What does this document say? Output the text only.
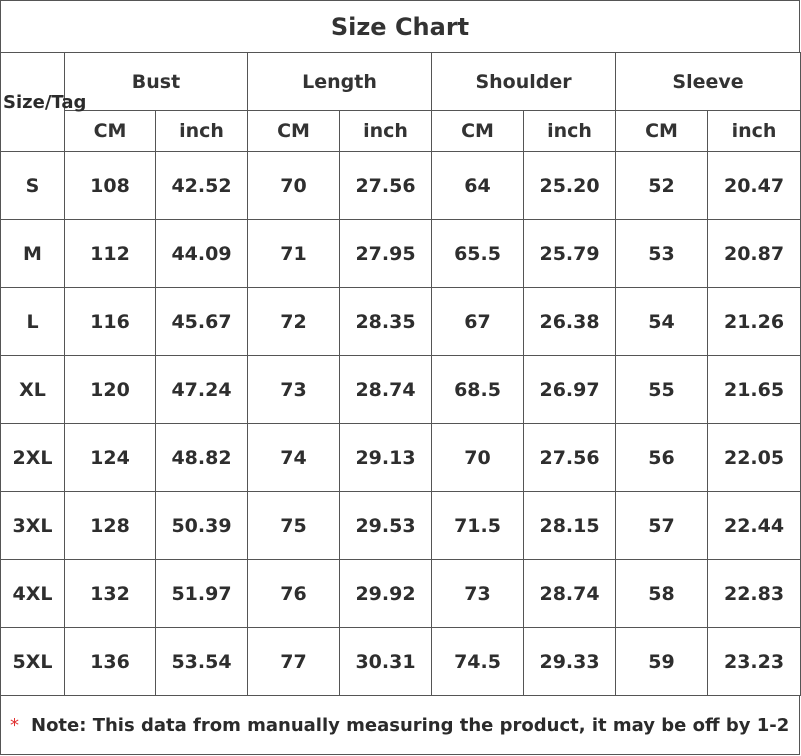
Size Chart
Size/Tag	Bust		Length		Shoulder		Sleeve	
	CM	inch	CM	inch	CM	inch	CM	inch
S	108	42.52	70	27.56	64	25.20	52	20.47
M	112	44.09	71	27.95	65.5	25.79	53	20.87
L	116	45.67	72	28.35	67	26.38	54	21.26
XL	120	47.24	73	28.74	68.5	26.97	55	21.65
2XL	124	48.82	74	29.13	70	27.56	56	22.05
3XL	128	50.39	75	29.53	71.5	28.15	57	22.44
4XL	132	51.97	76	29.92	73	28.74	58	22.83
5XL	136	53.54	77	30.31	74.5	29.33	59	23.23
* Note: This data from manually measuring the product, it may be off by 1-2
